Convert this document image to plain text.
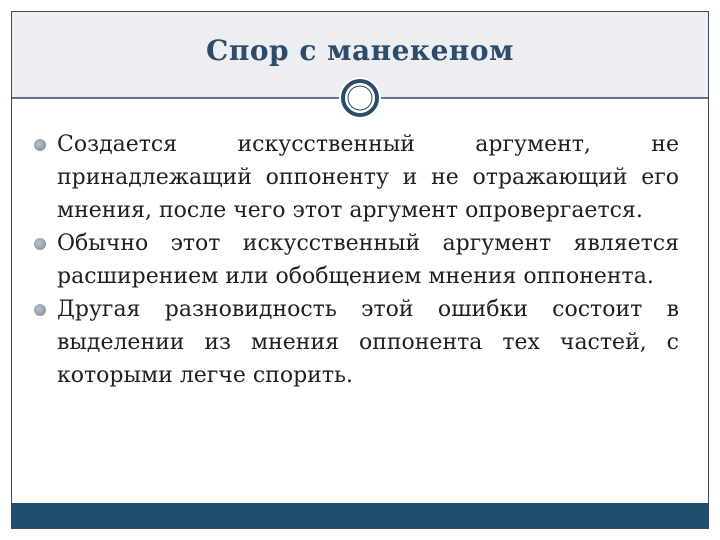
Спор с манекеном
Создается искусственный аргумент, не принадлежащий оппоненту и не отражающий его мнения, после чего этот аргумент опровергается.
Обычно этот искусственный аргумент является расширением или обобщением мнения оппонента.
Другая разновидность этой ошибки состоит в выделении из мнения оппонента тех частей, с которыми легче спорить.
